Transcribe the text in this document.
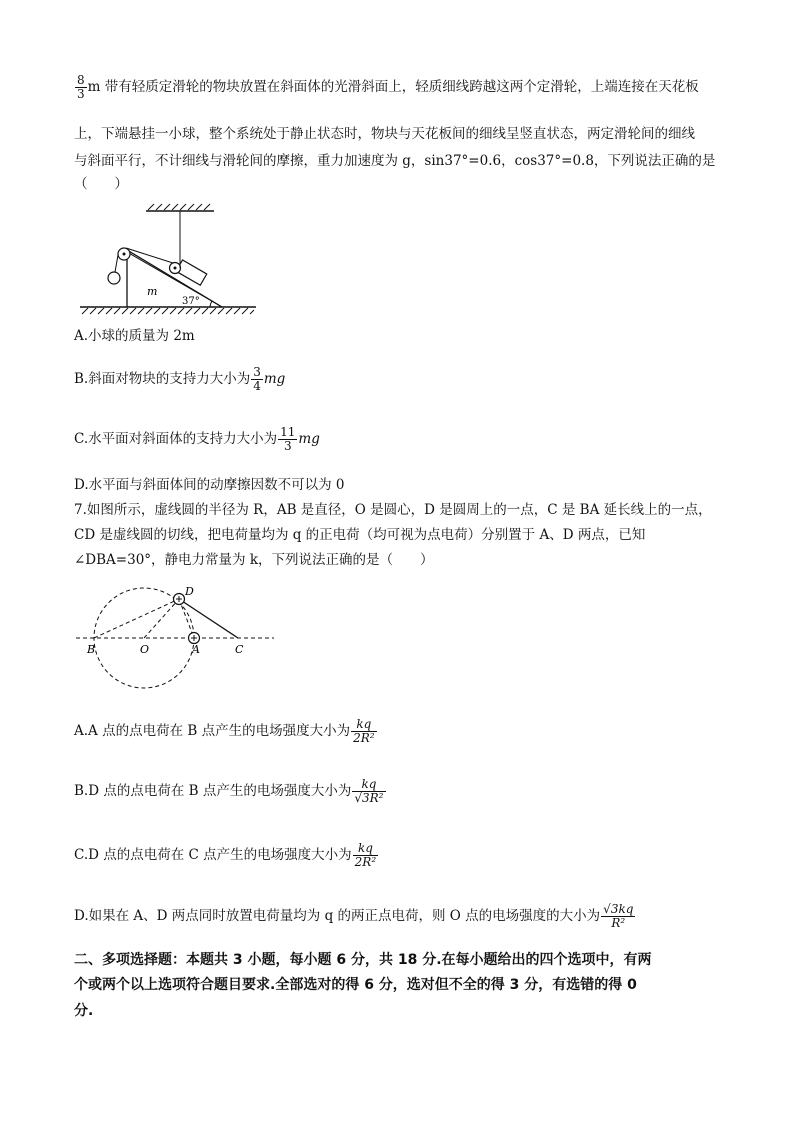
$\frac{8}{3}$ m 带有轻质定滑轮的物块放置在斜面体的光滑斜面上，轻质细线跨越这两个定滑轮，上端连接在天花板
上，下端悬挂一小球，整个系统处于静止状态时，物块与天花板间的细线呈竖直状态，两定滑轮间的细线
与斜面平行，不计细线与滑轮间的摩擦，重力加速度为 g，sin37°=0.6，cos37°=0.8，下列说法正确的是
（　　）
m
37°
A.小球的质量为 2m
B.斜面对物块的支持力大小为 $\frac{3}{4}$ mg
C.水平面对斜面体的支持力大小为 $\frac{11}{3}$ mg
D.水平面与斜面体间的动摩擦因数不可以为 0
7.如图所示，虚线圆的半径为 R，AB 是直径，O 是圆心，D 是圆周上的一点，C 是 BA 延长线上的一点，
CD 是虚线圆的切线，把电荷量均为 q 的正电荷（均可视为点电荷）分别置于 A、D 两点，已知
∠DBA=30°，静电力常量为 k，下列说法正确的是（　　）
B	O	A	C
D
A.A 点的点电荷在 B 点产生的电场强度大小为 $\frac{kq}{\text{2R²}}$
B.D 点的点电荷在 B 点产生的电场强度大小为 $\frac{kq}{\text{√3R²}}$
C.D 点的点电荷在 C 点产生的电场强度大小为 $\frac{kq}{\text{2R²}}$
D.如果在 A、D 两点同时放置电荷量均为 q 的两正点电荷，则 O 点的电场强度的大小为 $\frac{√3kq}{\text{R²}}$
二、多项选择题：本题共 3 小题，每小题 6 分，共 18 分.在每小题给出的四个选项中，有两
个或两个以上选项符合题目要求.全部选对的得 6 分，选对但不全的得 3 分，有选错的得 0
分.
